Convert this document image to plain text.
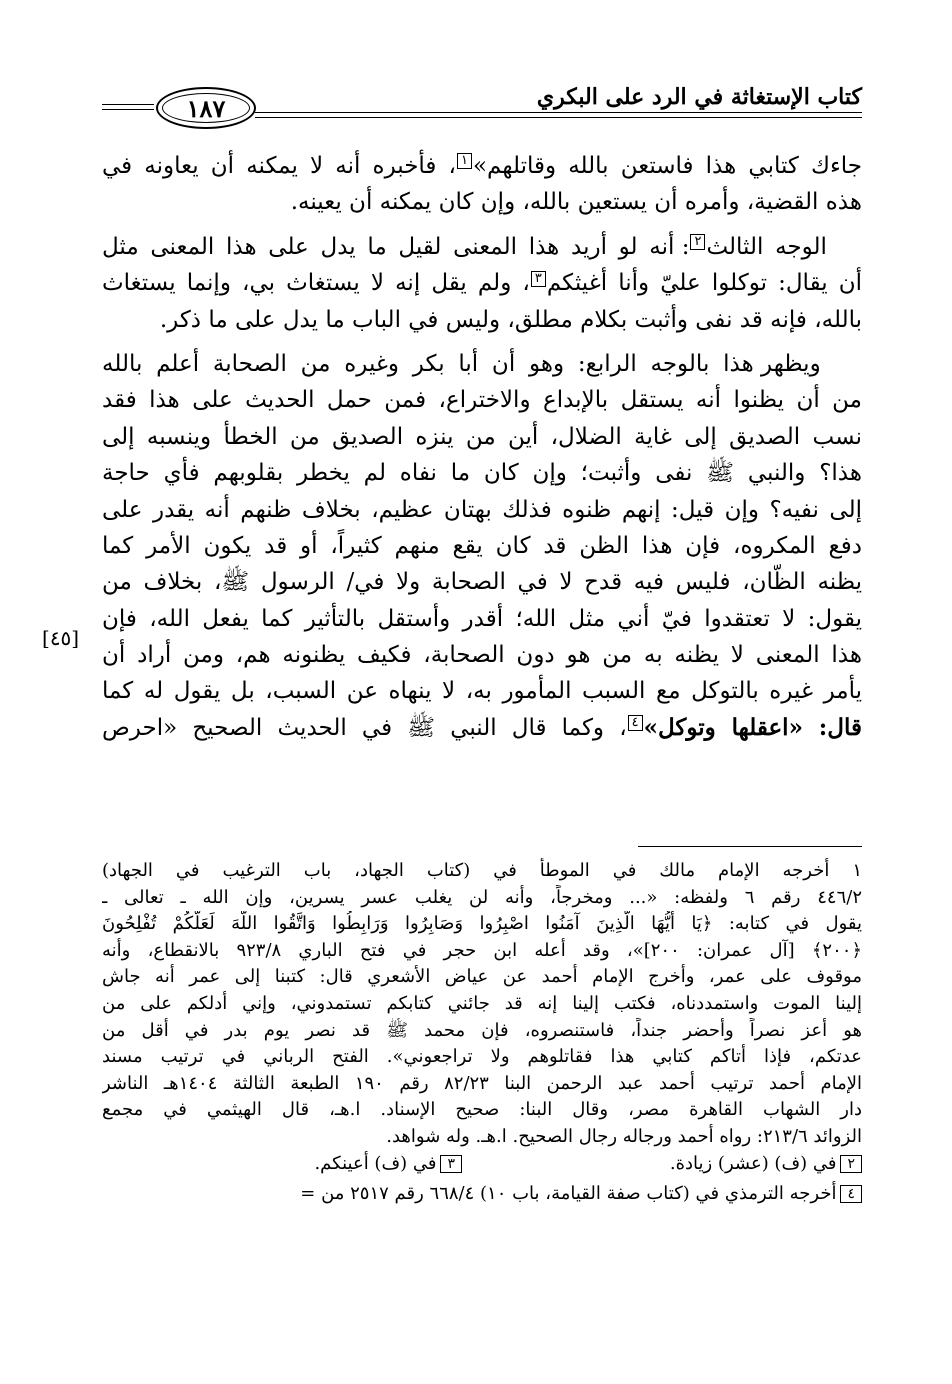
كتاب الإستغاثة في الرد على البكري
١٨٧
[٤٥]
جاءك كتابي هذا فاستعن بالله وقاتلهم»١، فأخبره أنه لا يمكنه أن يعاونه في
هذه القضية، وأمره أن يستعين بالله، وإن كان يمكنه أن يعينه.
الوجه الثالث٢: أنه لو أريد هذا المعنى لقيل ما يدل على هذا المعنى مثل
أن يقال: توكلوا عليّ وأنا أغيثكم٣، ولم يقل إنه لا يستغاث بي، وإنما يستغاث
بالله، فإنه قد نفى وأثبت بكلام مطلق، وليس في الباب ما يدل على ما ذكر.
ويظهر هذا بالوجه الرابع: وهو أن أبا بكر وغيره من الصحابة أعلم بالله
من أن يظنوا أنه يستقل بالإبداع والاختراع، فمن حمل الحديث على هذا فقد
نسب الصديق إلى غاية الضلال، أين من ينزه الصديق من الخطأ وينسبه إلى
هذا؟ والنبي ﷺ نفى وأثبت؛ وإن كان ما نفاه لم يخطر بقلوبهم فأي حاجة
إلى نفيه؟ وإن قيل: إنهم ظنوه فذلك بهتان عظيم، بخلاف ظنهم أنه يقدر على
دفع المكروه، فإن هذا الظن قد كان يقع منهم كثيراً، أو قد يكون الأمر كما
يظنه الظّان، فليس فيه قدح لا في الصحابة ولا في/ الرسول ﷺ، بخلاف من
يقول: لا تعتقدوا فيّ أني مثل الله؛ أقدر وأستقل بالتأثير كما يفعل الله، فإن
هذا المعنى لا يظنه به من هو دون الصحابة، فكيف يظنونه هم، ومن أراد أن
يأمر غيره بالتوكل مع السبب المأمور به، لا ينهاه عن السبب، بل يقول له كما
قال: «اعقلها وتوكل»٤، وكما قال النبي ﷺ في الحديث الصحيح «احرص
١ أخرجه الإمام مالك في الموطأ في (كتاب الجهاد، باب الترغيب في الجهاد)
٤٤٦/٢ رقم ٦ ولفظه: «... ومخرجاً، وأنه لن يغلب عسر يسرين، وإن الله ـ تعالى ـ
يقول في كتابه: ﴿يَا أَيُّهَا الَّذِينَ آمَنُوا اصْبِرُوا وَصَابِرُوا وَرَابِطُوا وَاتَّقُوا اللَّهَ لَعَلَّكُمْ تُفْلِحُونَ
﴿٢٠٠﴾ [آل عمران: ٢٠٠]»، وقد أعله ابن حجر في فتح الباري ٩٢٣/٨ بالانقطاع، وأنه
موقوف على عمر، وأخرج الإمام أحمد عن عياض الأشعري قال: كتبنا إلى عمر أنه جاش
إلينا الموت واستمددناه، فكتب إلينا إنه قد جائني كتابكم تستمدوني، وإني أدلكم على من
هو أعز نصراً وأحضر جنداً، فاستنصروه، فإن محمد ﷺ قد نصر يوم بدر في أقل من
عدتكم، فإذا أتاكم كتابي هذا فقاتلوهم ولا تراجعوني». الفتح الرباني في ترتيب مسند
الإمام أحمد ترتيب أحمد عبد الرحمن البنا ٨٢/٢٣ رقم ١٩٠ الطبعة الثالثة ١٤٠٤هـ الناشر
دار الشهاب القاهرة مصر، وقال البنا: صحيح الإسناد. ا.هـ، قال الهيثمي في مجمع
الزوائد ٢١٣/٦: رواه أحمد ورجاله رجال الصحيح. ا.هـ. وله شواهد.
٢في (ف) (عشر) زيادة.
٣في (ف) أعينكم.
٤أخرجه الترمذي في (كتاب صفة القيامة، باب ١٠) ٦٦٨/٤ رقم ٢٥١٧ من =
